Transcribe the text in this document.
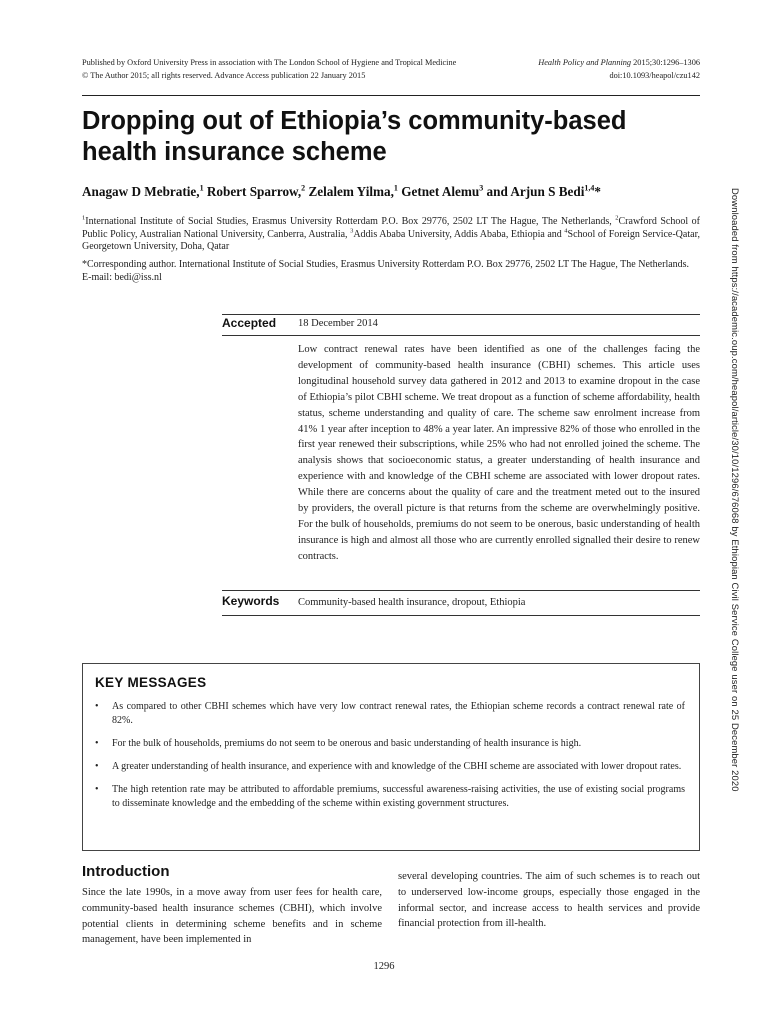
Published by Oxford University Press in association with The London School of Hygiene and Tropical Medicine	Health Policy and Planning 2015;30:1296–1306
© The Author 2015; all rights reserved. Advance Access publication 22 January 2015	doi:10.1093/heapol/czu142
Dropping out of Ethiopia’s community-based health insurance scheme
Anagaw D Mebratie,$^1$ Robert Sparrow,$^2$ Zelalem Yilma,$^1$ Getnet Alemu$^3$ and Arjun S Bedi$^{1,4}$*
$^1$International Institute of Social Studies, Erasmus University Rotterdam P.O. Box 29776, 2502 LT The Hague, The Netherlands, $^2$Crawford School of Public Policy, Australian National University, Canberra, Australia, $^3$Addis Ababa University, Addis Ababa, Ethiopia and $^4$School of Foreign Service-Qatar, Georgetown University, Doha, Qatar
*Corresponding author. International Institute of Social Studies, Erasmus University Rotterdam P.O. Box 29776, 2502 LT The Hague, The Netherlands. E-mail: bedi@iss.nl
Accepted 18 December 2014

Low contract renewal rates have been identified as one of the challenges facing the development of community-based health insurance (CBHI) schemes. This article uses longitudinal household survey data gathered in 2012 and 2013 to examine dropout in the case of Ethiopia’s pilot CBHI scheme. We treat dropout as a function of scheme affordability, health status, scheme understanding and quality of care. The scheme saw enrolment increase from 41% 1 year after inception to 48% a year later. An impressive 82% of those who enrolled in the first year renewed their subscriptions, while 25% who had not enrolled joined the scheme. The analysis shows that socioeconomic status, a greater understanding of health insurance and experience with and knowledge of the CBHI scheme are associated with lower dropout rates. While there are concerns about the quality of care and the treatment meted out to the insured by providers, the overall picture is that returns from the scheme are overwhelmingly positive. For the bulk of households, premiums do not seem to be onerous, basic understanding of health insurance is high and almost all those who are currently enrolled signalled their desire to renew contracts.

Keywords Community-based health insurance, dropout, Ethiopia
KEY MESSAGES
• As compared to other CBHI schemes which have very low contract renewal rates, the Ethiopian scheme records a contract renewal rate of 82%.
• For the bulk of households, premiums do not seem to be onerous and basic understanding of health insurance is high.
• A greater understanding of health insurance, and experience with and knowledge of the CBHI scheme are associated with lower dropout rates.
• The high retention rate may be attributed to affordable premiums, successful awareness-raising activities, the use of existing social programs to disseminate knowledge and the embedding of the scheme within existing government structures.
Introduction

Since the late 1990s, in a move away from user fees for health care, community-based health insurance schemes (CBHI), which involve potential clients in determining scheme benefits and in scheme management, have been implemented in

several developing countries. The aim of such schemes is to reach out to underserved low-income groups, especially those engaged in the informal sector, and increase access to health services and provide financial protection from ill-health.

1296
Downloaded from https://academic.oup.com/heapol/article/30/10/1296/676068 by Ethiopian Civil Service College user on 25 December 2020
